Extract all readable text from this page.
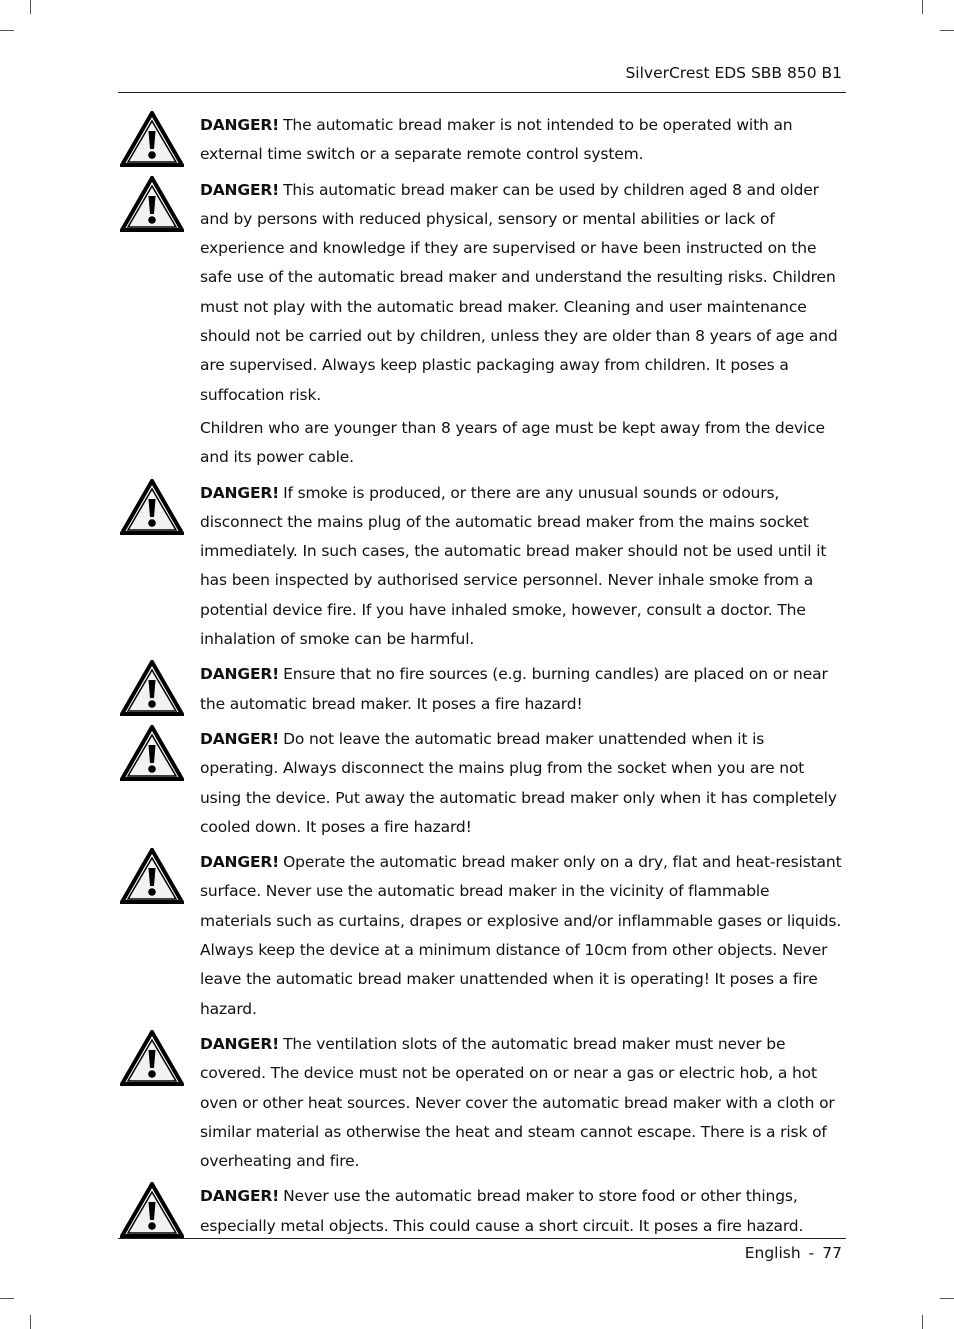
SilverCrest EDS SBB 850 B1

DANGER! The automatic bread maker is not intended to be operated with an external time switch or a separate remote control system.

DANGER! This automatic bread maker can be used by children aged 8 and older and by persons with reduced physical, sensory or mental abilities or lack of experience and knowledge if they are supervised or have been instructed on the safe use of the automatic bread maker and understand the resulting risks. Children must not play with the automatic bread maker. Cleaning and user maintenance should not be carried out by children, unless they are older than 8 years of age and are supervised. Always keep plastic packaging away from children. It poses a suffocation risk.

Children who are younger than 8 years of age must be kept away from the device and its power cable.

DANGER! If smoke is produced, or there are any unusual sounds or odours, disconnect the mains plug of the automatic bread maker from the mains socket immediately. In such cases, the automatic bread maker should not be used until it has been inspected by authorised service personnel. Never inhale smoke from a potential device fire. If you have inhaled smoke, however, consult a doctor. The inhalation of smoke can be harmful.

DANGER! Ensure that no fire sources (e.g. burning candles) are placed on or near the automatic bread maker. It poses a fire hazard!

DANGER! Do not leave the automatic bread maker unattended when it is operating. Always disconnect the mains plug from the socket when you are not using the device. Put away the automatic bread maker only when it has completely cooled down. It poses a fire hazard!

DANGER! Operate the automatic bread maker only on a dry, flat and heat-resistant surface. Never use the automatic bread maker in the vicinity of flammable materials such as curtains, drapes or explosive and/or inflammable gases or liquids. Always keep the device at a minimum distance of 10cm from other objects. Never leave the automatic bread maker unattended when it is operating! It poses a fire hazard.

DANGER! The ventilation slots of the automatic bread maker must never be covered. The device must not be operated on or near a gas or electric hob, a hot oven or other heat sources. Never cover the automatic bread maker with a cloth or similar material as otherwise the heat and steam cannot escape. There is a risk of overheating and fire.

DANGER! Never use the automatic bread maker to store food or other things, especially metal objects. This could cause a short circuit. It poses a fire hazard.

English - 77
